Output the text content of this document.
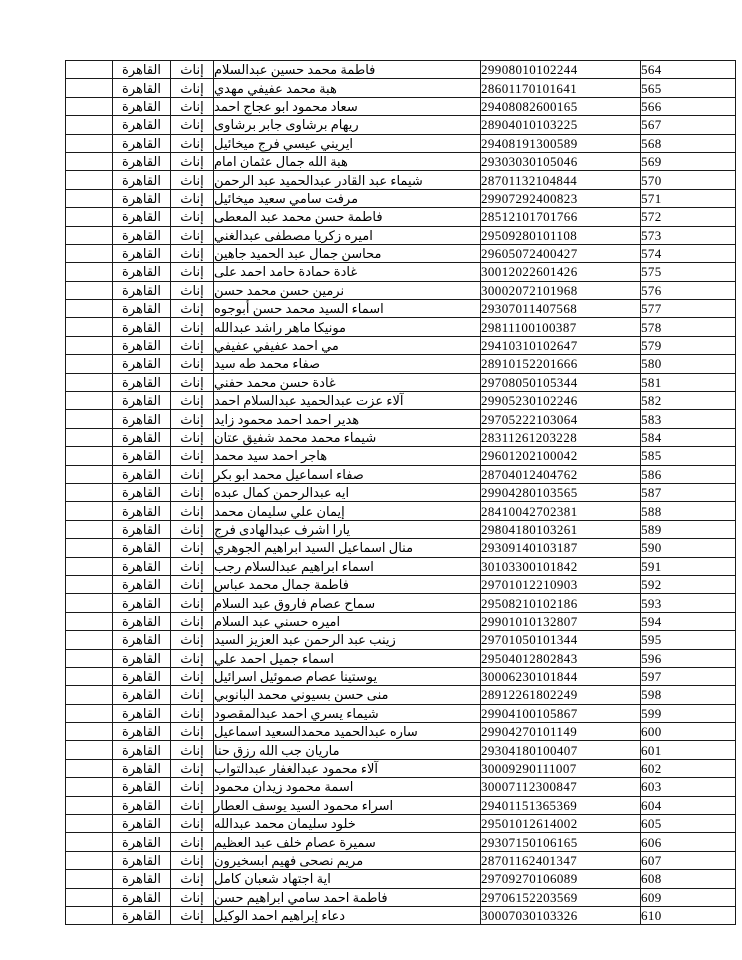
	القاهرة	إناث	فاطمة محمد حسين عبدالسلام	29908010102244	564
	القاهرة	إناث	هبة محمد عفيفي مهدي	28601170101641	565
	القاهرة	إناث	سعاد محمود ابو عجاج احمد	29408082600165	566
	القاهرة	إناث	ريهام برشاوى جابر برشاوى	28904010103225	567
	القاهرة	إناث	ايريني عيسي فرج ميخائيل	29408191300589	568
	القاهرة	إناث	هبة الله جمال عثمان امام	29303030105046	569
	القاهرة	إناث	شيماء عبد القادر عبدالحميد عبد الرحمن	28701132104844	570
	القاهرة	إناث	مرفت سامي سعيد ميخائيل	29907292400823	571
	القاهرة	إناث	فاطمة حسن محمد عبد المعطى	28512101701766	572
	القاهرة	إناث	اميره زكريا مصطفى عبدالغني	29509280101108	573
	القاهرة	إناث	محاسن جمال عبد الحميد جاهين	29605072400427	574
	القاهرة	إناث	غادة حمادة حامد احمد على	30012022601426	575
	القاهرة	إناث	نرمين حسن محمد حسن	30002072101968	576
	القاهرة	إناث	اسماء السيد محمد حسن أبوجوه	29307011407568	577
	القاهرة	إناث	مونيكا ماهر راشد عبدالله	29811100100387	578
	القاهرة	إناث	مي احمد عفيفي عفيفي	29410310102647	579
	القاهرة	إناث	صفاء محمد طه سيد	28910152201666	580
	القاهرة	إناث	غادة حسن محمد حفني	29708050105344	581
	القاهرة	إناث	آلاء عزت عبدالحميد عبدالسلام احمد	29905230102246	582
	القاهرة	إناث	هدير احمد احمد محمود زايد	29705222103064	583
	القاهرة	إناث	شيماء محمد محمد شفيق عتان	28311261203228	584
	القاهرة	إناث	هاجر احمد سيد محمد	29601202100042	585
	القاهرة	إناث	صفاء اسماعيل محمد ابو بكر	28704012404762	586
	القاهرة	إناث	ايه عبدالرحمن كمال عبده	29904280103565	587
	القاهرة	إناث	إيمان علي سليمان محمد	28410042702381	588
	القاهرة	إناث	يارا اشرف عبدالهادى فرج	29804180103261	589
	القاهرة	إناث	منال اسماعيل السيد ابراهيم الجوهري	29309140103187	590
	القاهرة	إناث	اسماء ابراهيم عبدالسلام رجب	30103300101842	591
	القاهرة	إناث	فاطمة جمال محمد عباس	29701012210903	592
	القاهرة	إناث	سماح عصام فاروق عبد السلام	29508210102186	593
	القاهرة	إناث	اميره حسني عبد السلام	29901010132807	594
	القاهرة	إناث	زينب عبد الرحمن عبد العزيز السيد	29701050101344	595
	القاهرة	إناث	اسماء جميل احمد علي	29504012802843	596
	القاهرة	إناث	يوستينا عصام صموئيل اسرائيل	30006230101844	597
	القاهرة	إناث	منى حسن بسيوني محمد البانوبي	28912261802249	598
	القاهرة	إناث	شيماء يسري احمد عبدالمقصود	29904100105867	599
	القاهرة	إناث	ساره عبدالحميد محمدالسعيد اسماعيل	29904270101149	600
	القاهرة	إناث	ماريان جب الله رزق حنا	29304180100407	601
	القاهرة	إناث	آلاء محمود عبدالغفار عبدالتواب	30009290111007	602
	القاهرة	إناث	اسمة محمود زيدان محمود	30007112300847	603
	القاهرة	إناث	اسراء محمود السيد يوسف العطار	29401151365369	604
	القاهرة	إناث	خلود سليمان محمد عبدالله	29501012614002	605
	القاهرة	إناث	سميرة عصام خلف عبد العظيم	29307150106165	606
	القاهرة	إناث	مريم نصحى فهيم ابسخيرون	28701162401347	607
	القاهرة	إناث	اية اجتهاد شعبان كامل	29709270106089	608
	القاهرة	إناث	فاطمة احمد سامي ابراهيم حسن	29706152203569	609
	القاهرة	إناث	دعاء إبراهيم احمد الوكيل	30007030103326	610
